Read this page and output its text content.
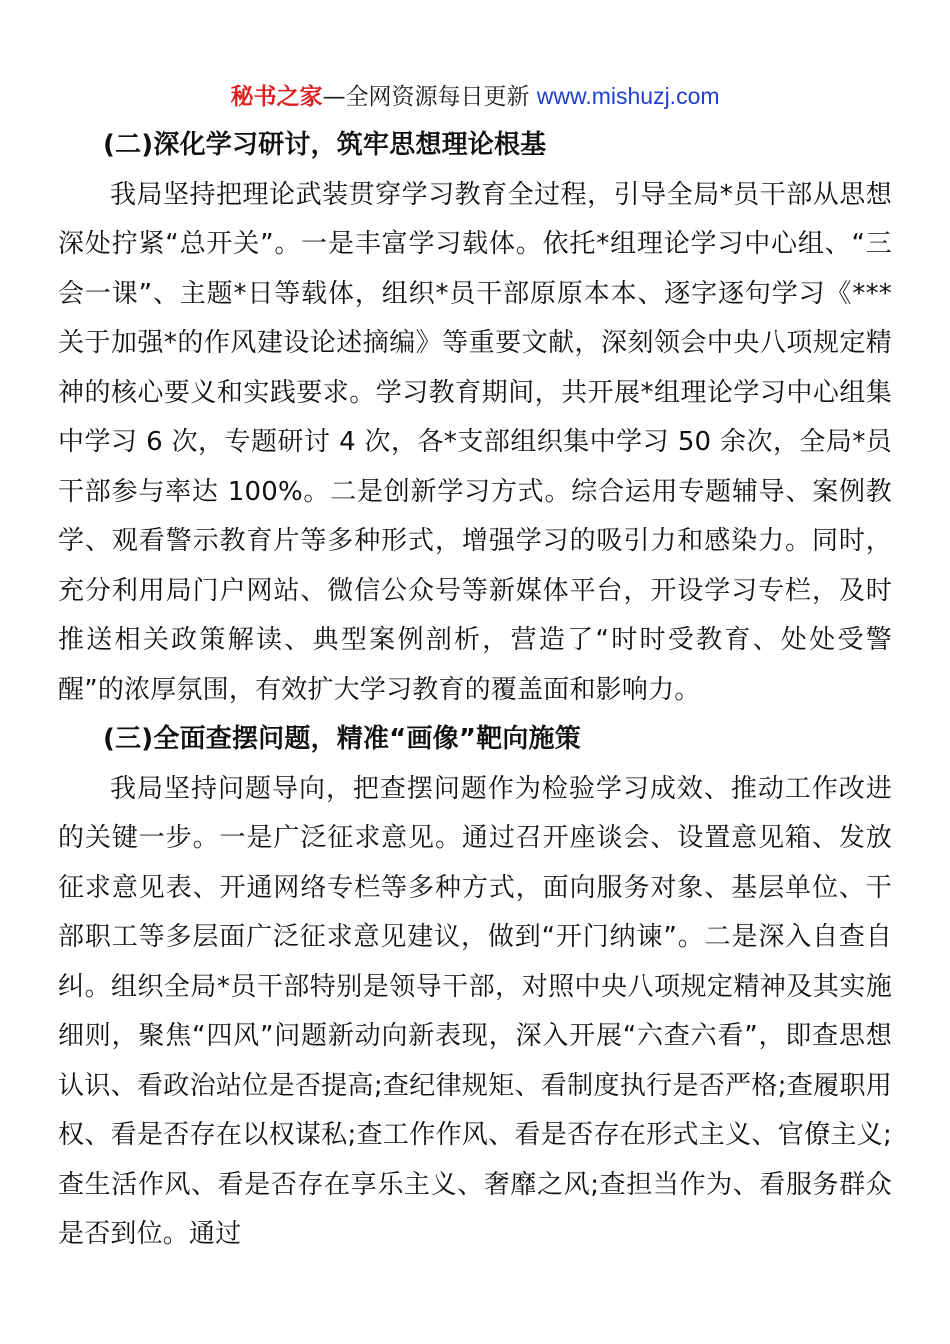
秘书之家—全网资源每日更新 www.mishuzj.com

(二)深化学习研讨，筑牢思想理论根基

我局坚持把理论武装贯穿学习教育全过程，引导全局*员干部从思想深处拧紧“总开关”。一是丰富学习载体。依托*组理论学习中心组、“三会一课”、主题*日等载体，组织*员干部原原本本、逐字逐句学习《***关于加强*的作风建设论述摘编》等重要文献，深刻领会中央八项规定精神的核心要义和实践要求。学习教育期间，共开展*组理论学习中心组集中学习 6 次，专题研讨 4 次，各*支部组织集中学习 50 余次，全局*员干部参与率达 100%。二是创新学习方式。综合运用专题辅导、案例教学、观看警示教育片等多种形式，增强学习的吸引力和感染力。同时，充分利用局门户网站、微信公众号等新媒体平台，开设学习专栏，及时推送相关政策解读、典型案例剖析，营造了“时时受教育、处处受警醒”的浓厚氛围，有效扩大学习教育的覆盖面和影响力。

(三)全面查摆问题，精准“画像”靶向施策

我局坚持问题导向，把查摆问题作为检验学习成效、推动工作改进的关键一步。一是广泛征求意见。通过召开座谈会、设置意见箱、发放征求意见表、开通网络专栏等多种方式，面向服务对象、基层单位、干部职工等多层面广泛征求意见建议，做到“开门纳谏”。二是深入自查自纠。组织全局*员干部特别是领导干部，对照中央八项规定精神及其实施细则，聚焦“四风”问题新动向新表现，深入开展“六查六看”，即查思想认识、看政治站位是否提高;查纪律规矩、看制度执行是否严格;查履职用权、看是否存在以权谋私;查工作作风、看是否存在形式主义、官僚主义;查生活作风、看是否存在享乐主义、奢靡之风;查担当作为、看服务群众是否到位。通过
